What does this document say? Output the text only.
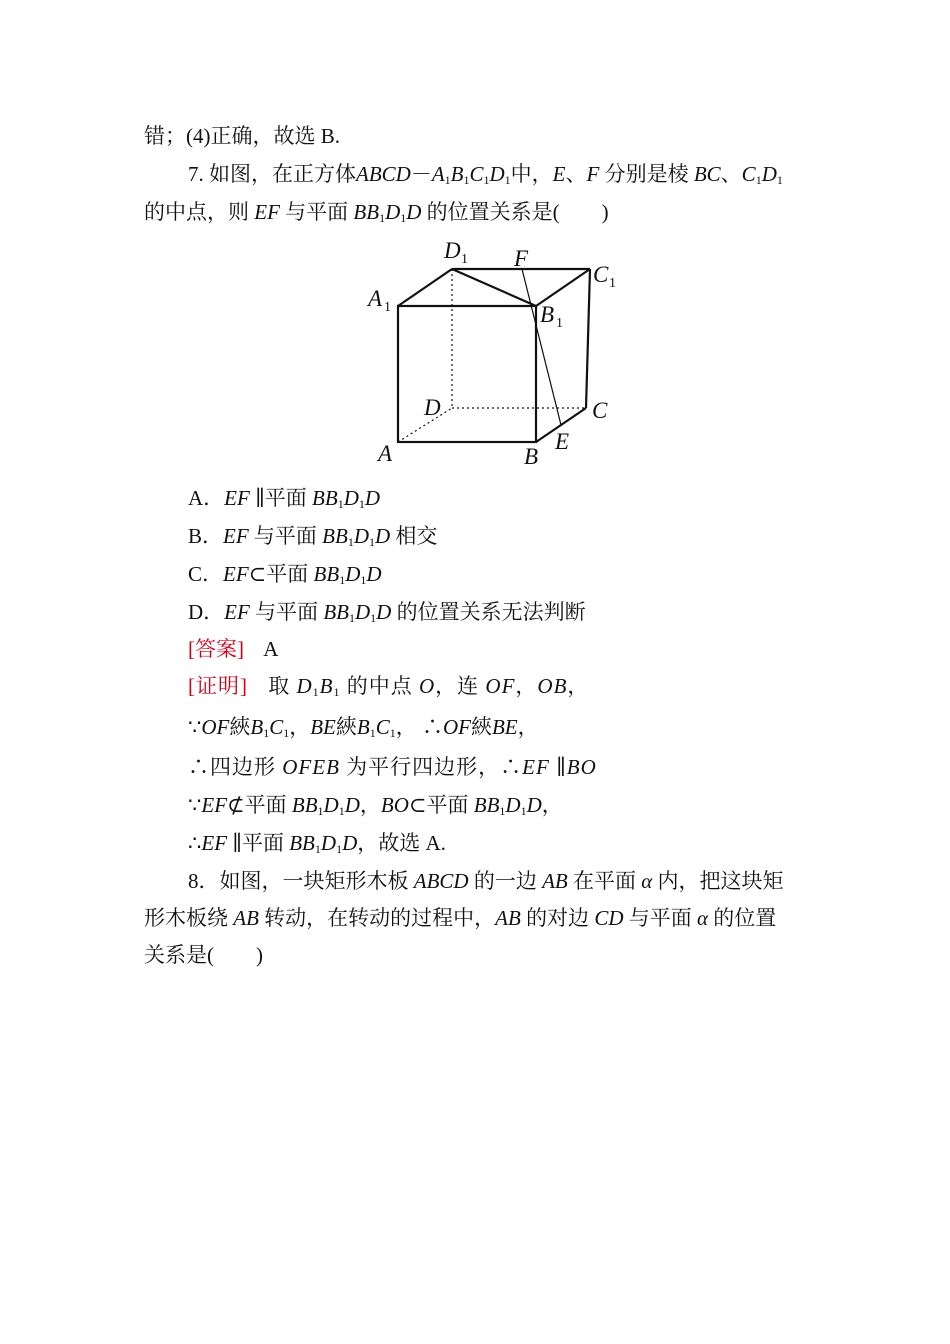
错；(4)正确，故选 B.
7. 如图，在正方体$ABCD-A_1B_1C_1D_1$中，E、F 分别是棱 BC、$C_1D_1$
的中点，则 EF 与平面 $BB_1D_1D$ 的位置关系是(　　)
D 1 F
C 1
A 1	B 1
D	C
E
A	B
A．EF ∥平面 $BB_1D_1D$
B．EF 与平面 $BB_1D_1D$ 相交
C．EF⊂平面 $BB_1D_1D$
D．EF 与平面 $BB_1D_1D$ 的位置关系无法判断
[答案] A
[证明] 取 $D_1B_1$ 的中点 O，连 OF，OB，
∵OF綊$B_1C_1$，BE綊$B_1C_1$， ∴OF綊BE，
∴四边形 OFEB 为平行四边形，∴EF ∥BO
∵EF⊄平面 $BB_1D_1D$，BO⊂平面 $BB_1D_1D$，
∴EF ∥平面 $BB_1D_1D$，故选 A.
8．如图，一块矩形木板 ABCD 的一边 AB 在平面 α 内，把这块矩
形木板绕 AB 转动，在转动的过程中，AB 的对边 CD 与平面 α 的位置
关系是(　　)
